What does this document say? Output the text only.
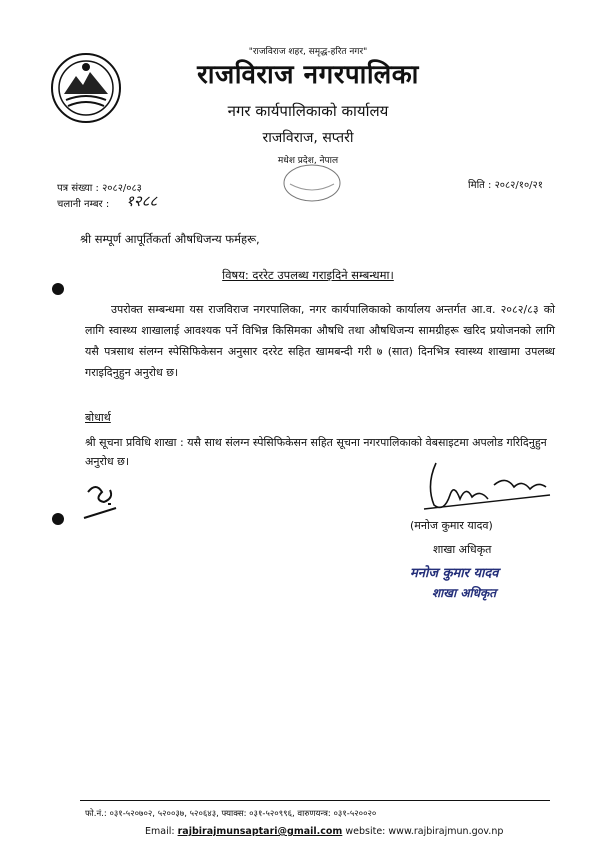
"राजविराज शहर, समृद्ध-हरित नगर"
राजविराज नगरपालिका
नगर कार्यपालिकाको कार्यालय
राजविराज, सप्तरी
मधेश प्रदेश, नेपाल
पत्र संख्या : २०८२/०८३
चलानी नम्बर : १२८८
मिति : २०८२/१०/२१
श्री सम्पूर्ण आपूर्तिकर्ता औषधिजन्य फर्महरू,
विषय: दररेट उपलब्ध गराइदिने सम्बन्धमा।

उपरोक्त सम्बन्धमा यस राजविराज नगरपालिका, नगर कार्यपालिकाको कार्यालय अन्तर्गत आ.व. २०८२/८३ को लागि स्वास्थ्य शाखालाई आवश्यक पर्ने विभिन्न किसिमका औषधि तथा औषधिजन्य सामग्रीहरू खरिद प्रयोजनको लागि यसै पत्रसाथ संलग्न स्पेसिफिकेसन अनुसार दररेट सहित खामबन्दी गरी ७ (सात) दिनभित्र स्वास्थ्य शाखामा उपलब्ध गराइदिनुहुन अनुरोध छ।

बोधार्थ

श्री सूचना प्रविधि शाखा : यसै साथ संलग्न स्पेसिफिकेसन सहित सूचना नगरपालिकाको वेबसाइटमा अपलोड गरिदिनुहुन अनुरोध छ।

(मनोज कुमार यादव)
शाखा अधिकृत
मनोज कुमार यादव
शाखा अधिकृत
फो.नं.: ०३१-५२०७०२, ५२००३७, ५२०६४३, फ्याक्स: ०३१-५२०९९६, वारुणयन्त्र: ०३१-५२००२०
Email: rajbirajmunsaptari@gmail.com website: www.rajbirajmun.gov.np
